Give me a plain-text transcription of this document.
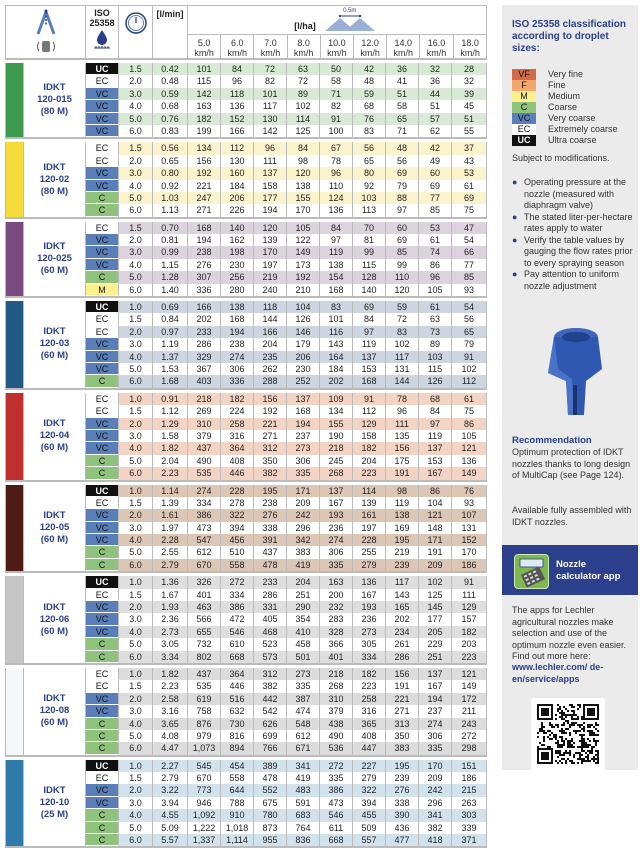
ISO
25358
[l/min]
[l/ha]
0.5m
5.0
km/h
6.0
km/h
7.0
km/h
8.0
km/h
10.0
km/h
12.0
km/h
14.0
km/h
16.0
km/h
18.0
km/h
IDKT
120-015
(80 M)
UC	1.5	0.42	101	84	72	63	50	42	36	32	28
EC	2.0	0.48	115	96	82	72	58	48	41	36	32
VC	3.0	0.59	142	118	101	89	71	59	51	44	39
VC	4.0	0.68	163	136	117	102	82	68	58	51	45
VC	5.0	0.76	182	152	130	114	91	76	65	57	51
VC	6.0	0.83	199	166	142	125	100	83	71	62	55
IDKT
120-02
(80 M)
EC	1.5	0.56	134	112	96	84	67	56	48	42	37
EC	2.0	0.65	156	130	111	98	78	65	56	49	43
VC	3.0	0.80	192	160	137	120	96	80	69	60	53
VC	4.0	0.92	221	184	158	138	110	92	79	69	61
C	5.0	1.03	247	206	177	155	124	103	88	77	69
C	6.0	1.13	271	226	194	170	136	113	97	85	75
IDKT
120-025
(60 M)
EC	1.5	0.70	168	140	120	105	84	70	60	53	47
VC	2.0	0.81	194	162	139	122	97	81	69	61	54
VC	3.0	0.99	238	198	170	149	119	99	85	74	66
VC	4.0	1.15	276	230	197	173	138	115	99	86	77
C	5.0	1.28	307	256	219	192	154	128	110	96	85
M	6.0	1.40	336	280	240	210	168	140	120	105	93
IDKT
120-03
(60 M)
UC	1.0	0.69	166	138	118	104	83	69	59	61	54
EC	1.5	0.84	202	168	144	126	101	84	72	63	56
EC	2.0	0.97	233	194	166	146	116	97	83	73	65
VC	3.0	1.19	286	238	204	179	143	119	102	89	79
VC	4.0	1.37	329	274	235	206	164	137	117	103	91
VC	5.0	1.53	367	306	262	230	184	153	131	115	102
C	6.0	1.68	403	336	288	252	202	168	144	126	112
IDKT
120-04
(60 M)
EC	1.0	0.91	218	182	156	137	109	91	78	68	61
EC	1.5	1.12	269	224	192	168	134	112	96	84	75
VC	2.0	1.29	310	258	221	194	155	129	111	97	86
VC	3.0	1.58	379	316	271	237	190	158	135	119	105
VC	4.0	1.82	437	364	312	273	218	182	156	137	121
C	5.0	2.04	490	408	350	306	245	204	175	153	136
C	6.0	2.23	535	446	382	335	268	223	191	167	149
IDKT
120-05
(60 M)
UC	1.0	1.14	274	228	195	171	137	114	98	86	76
EC	1.5	1.39	334	278	238	209	167	139	119	104	93
VC	2.0	1.61	386	322	276	242	193	161	138	121	107
VC	3.0	1.97	473	394	338	296	236	197	169	148	131
VC	4.0	2.28	547	456	391	342	274	228	195	171	152
C	5.0	2.55	612	510	437	383	306	255	219	191	170
C	6.0	2.79	670	558	478	419	335	279	239	209	186
IDKT
120-06
(60 M)
UC	1.0	1.36	326	272	233	204	163	136	117	102	91
EC	1.5	1.67	401	334	286	251	200	167	143	125	111
VC	2.0	1.93	463	386	331	290	232	193	165	145	129
VC	3.0	2.36	566	472	405	354	283	236	202	177	157
VC	4.0	2.73	655	546	468	410	328	273	234	205	182
C	5.0	3.05	732	610	523	458	366	305	261	229	203
C	6.0	3.34	802	668	573	501	401	334	286	251	223
IDKT
120-08
(60 M)
EC	1.0	1.82	437	364	312	273	218	182	156	137	121
EC	1.5	2.23	535	446	382	335	268	223	191	167	149
VC	2.0	2.58	619	516	442	387	310	258	221	194	172
VC	3.0	3.16	758	632	542	474	379	316	271	237	211
C	4.0	3.65	876	730	626	548	438	365	313	274	243
C	5.0	4.08	979	816	699	612	490	408	350	306	272
C	6.0	4.47	1,073	894	766	671	536	447	383	335	298
IDKT
120-10
(25 M)
UC	1.0	2.27	545	454	389	341	272	227	195	170	151
EC	1.5	2.79	670	558	478	419	335	279	239	209	186
VC	2.0	3.22	773	644	552	483	386	322	276	242	215
VC	3.0	3.94	946	788	675	591	473	394	338	296	263
C	4.0	4.55	1,092	910	780	683	546	455	390	341	303
C	5.0	5.09	1,222	1,018	873	764	611	509	436	382	339
C	6.0	5.57	1,337	1,114	955	836	668	557	477	418	371
ISO 25358 classification according to droplet sizes:
VF	Very fine
F	Fine
M	Medium
C	Coarse
VC	Very coarse
EC	Extremely coarse
UC	Ultra coarse
Subject to modifications.
● Operating pressure at the nozzle (measured with diaphragm valve)
● The stated liter-per-hectare rates apply to water
● Verify the table values by gauging the flow rates prior to every spraying season
● Pay attention to uniform nozzle adjustment
Recommendation
Optimum protection of IDKT nozzles thanks to long design of MultiCap (see Page 124).
Available fully assembled with IDKT nozzles.
Nozzle calculator app
The apps for Lechler agricultural nozzles make selection and use of the optimum nozzle even easier. Find out more here:
www.lechler.com/ de-en/service/apps
